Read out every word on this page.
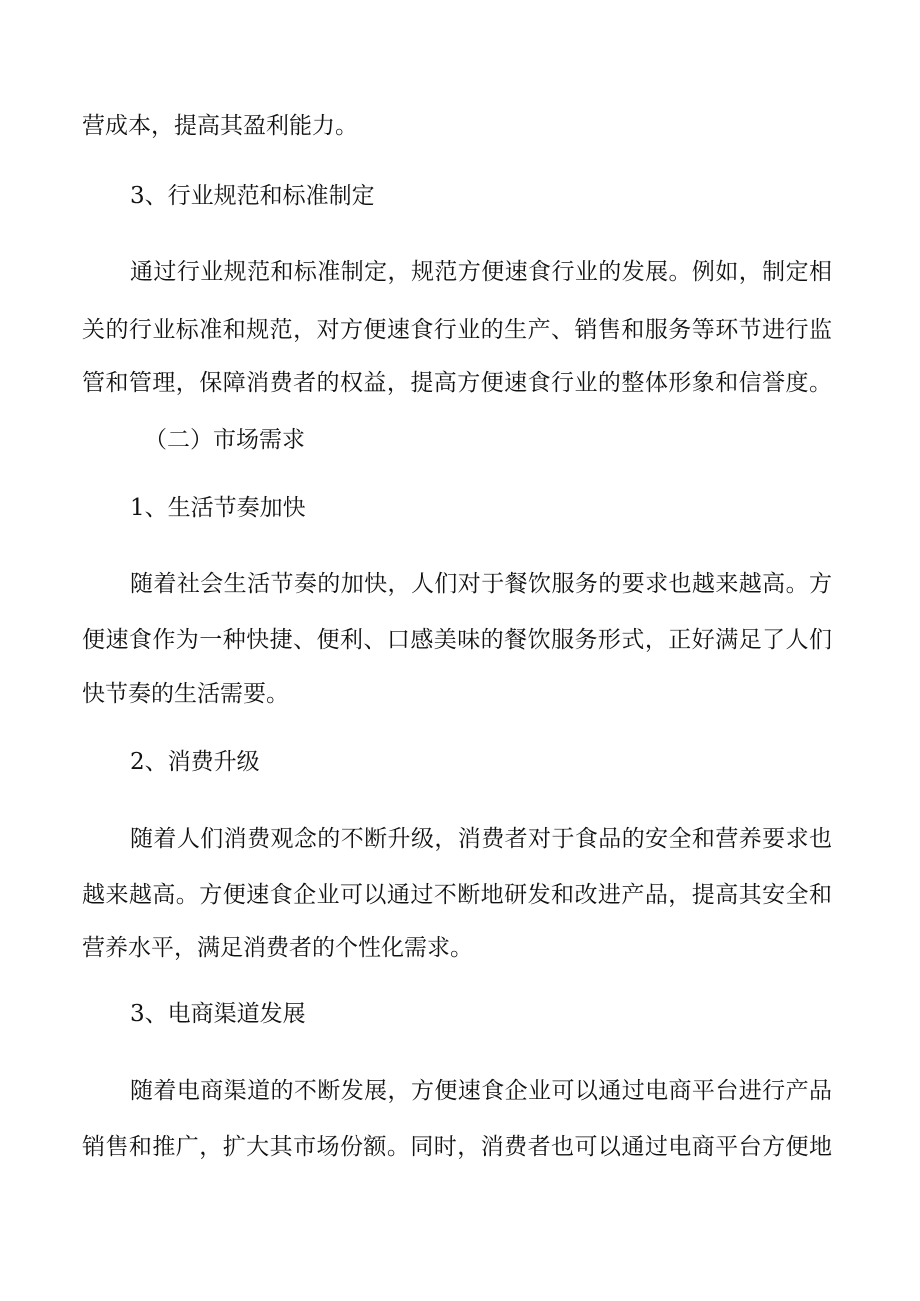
营成本，提高其盈利能力。
3、行业规范和标准制定
通过行业规范和标准制定，规范方便速食行业的发展。例如，制定相
关的行业标准和规范，对方便速食行业的生产、销售和服务等环节进行监
管和管理，保障消费者的权益，提高方便速食行业的整体形象和信誉度。
（二）市场需求
1、生活节奏加快
随着社会生活节奏的加快，人们对于餐饮服务的要求也越来越高。方
便速食作为一种快捷、便利、口感美味的餐饮服务形式，正好满足了人们
快节奏的生活需要。
2、消费升级
随着人们消费观念的不断升级，消费者对于食品的安全和营养要求也
越来越高。方便速食企业可以通过不断地研发和改进产品，提高其安全和
营养水平，满足消费者的个性化需求。
3、电商渠道发展
随着电商渠道的不断发展，方便速食企业可以通过电商平台进行产品
销售和推广，扩大其市场份额。同时，消费者也可以通过电商平台方便地
